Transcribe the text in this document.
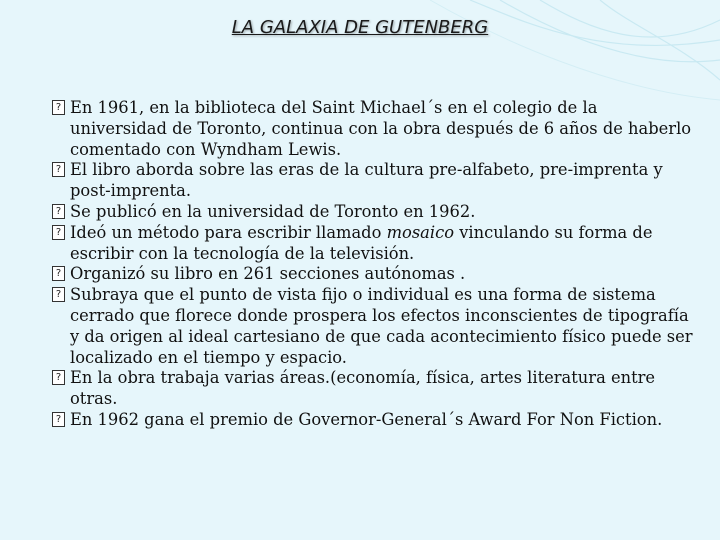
LA GALAXIA DE GUTENBERG
? En 1961, en la biblioteca del Saint Michael´s en el colegio de la universidad de Toronto, continua con la obra después de 6 años de haberlo comentado con Wyndham Lewis.
? El libro aborda sobre las eras de la cultura pre-alfabeto, pre-imprenta y post-imprenta.
? Se publicó en la universidad de Toronto en 1962.
? Ideó un método para escribir llamado mosaico vinculando su forma de escribir con la tecnología de la televisión.
? Organizó su libro en 261 secciones autónomas .
? Subraya que el punto de vista fijo o individual es una forma de sistema cerrado que florece donde prospera los efectos inconscientes de tipografía y da origen al ideal cartesiano de que cada acontecimiento físico puede ser localizado en el tiempo y espacio.
? En la obra trabaja varias áreas.(economía, física, artes literatura entre otras.
? En 1962 gana el premio de Governor-General´s Award For Non Fiction.
